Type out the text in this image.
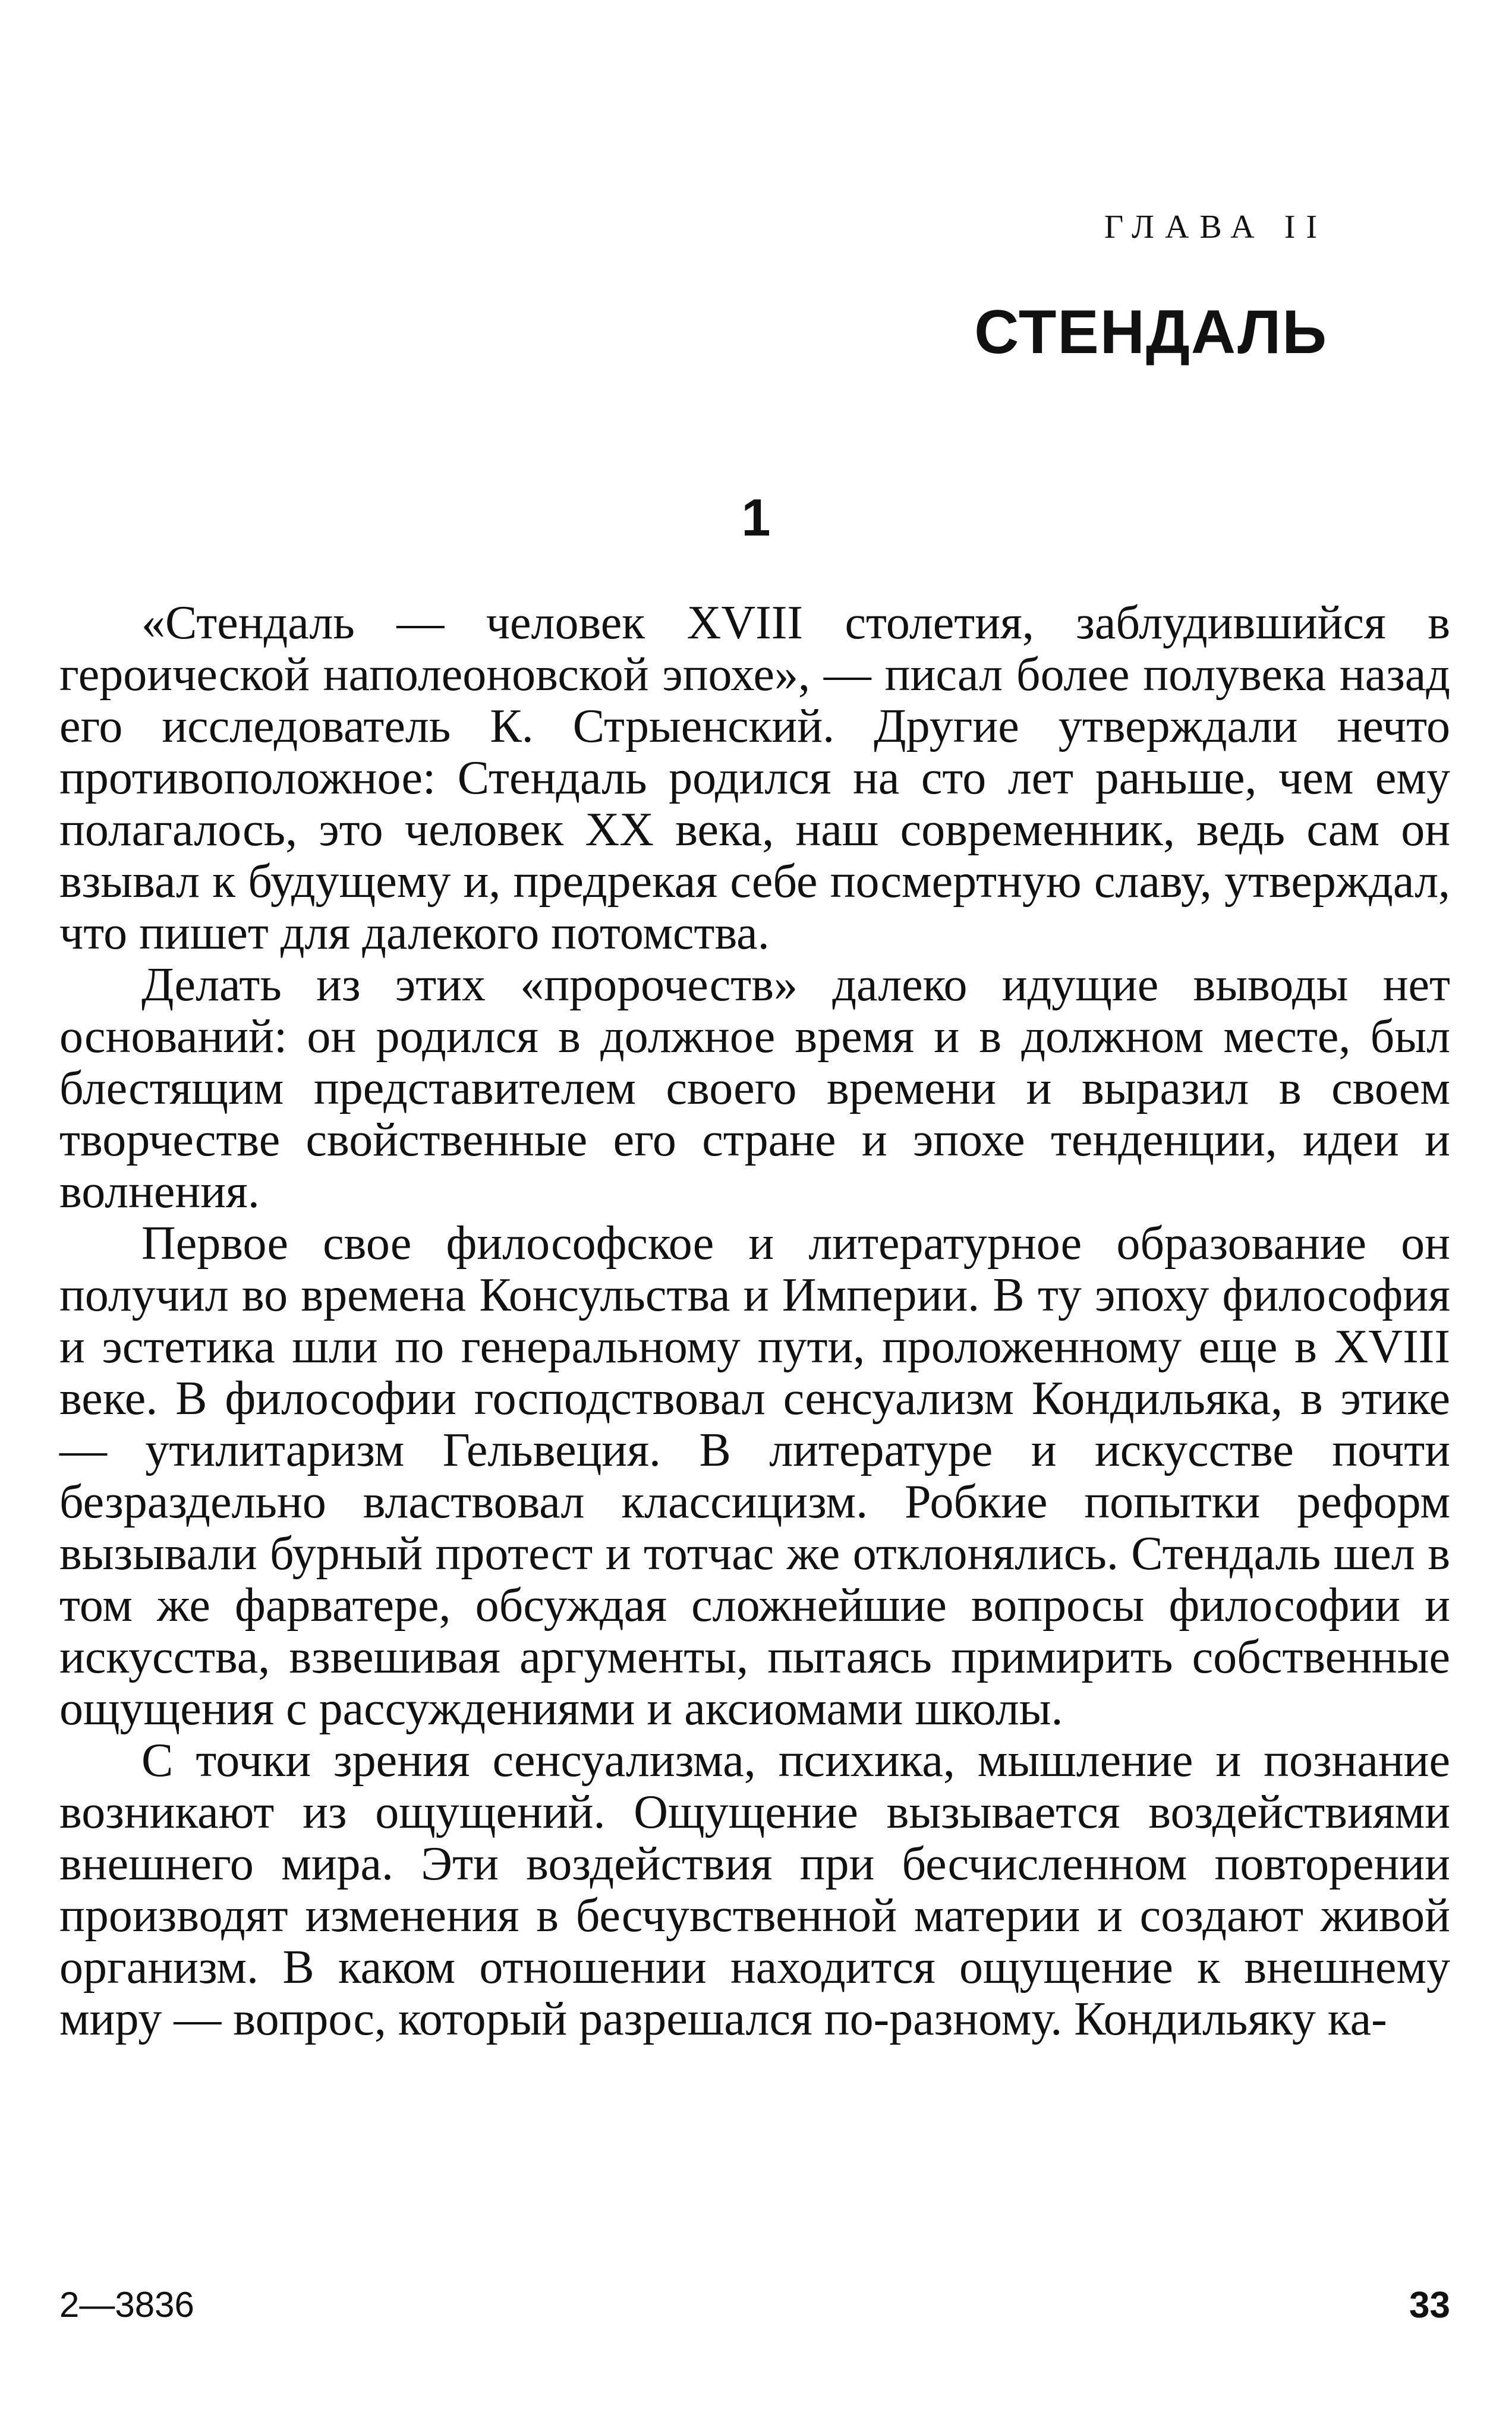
ГЛАВА II

СТЕНДАЛЬ

1

«Стендаль — человек XVIII столетия, заблудившийся в героической наполеоновской эпохе», — писал более полувека назад его исследователь К. Стрыенский. Другие утверждали нечто противоположное: Стендаль родился на сто лет раньше, чем ему полагалось, это человек XX века, наш современник, ведь сам он взывал к будущему и, предрекая себе посмертную славу, утверждал, что пишет для далекого потомства.

Делать из этих «пророчеств» далеко идущие выводы нет оснований: он родился в должное время и в должном месте, был блестящим представителем своего времени и выразил в своем творчестве свойственные его стране и эпохе тенденции, идеи и волнения.

Первое свое философское и литературное образование он получил во времена Консульства и Империи. В ту эпоху философия и эстетика шли по генеральному пути, проложенному еще в XVIII веке. В философии господствовал сенсуализм Кондильяка, в этике — утилитаризм Гельвеция. В литературе и искусстве почти безраздельно властвовал классицизм. Робкие попытки реформ вызывали бурный протест и тотчас же отклонялись. Стендаль шел в том же фарватере, обсуждая сложнейшие вопросы философии и искусства, взвешивая аргументы, пытаясь примирить собственные ощущения с рассуждениями и аксиомами школы.

С точки зрения сенсуализма, психика, мышление и познание возникают из ощущений. Ощущение вызывается воздействиями внешнего мира. Эти воздействия при бесчисленном повторении производят изменения в бесчувственной материи и создают живой организм. В каком отношении находится ощущение к внешнему миру — вопрос, который разрешался по-разному. Кондильяку ка-

2—3836	33
